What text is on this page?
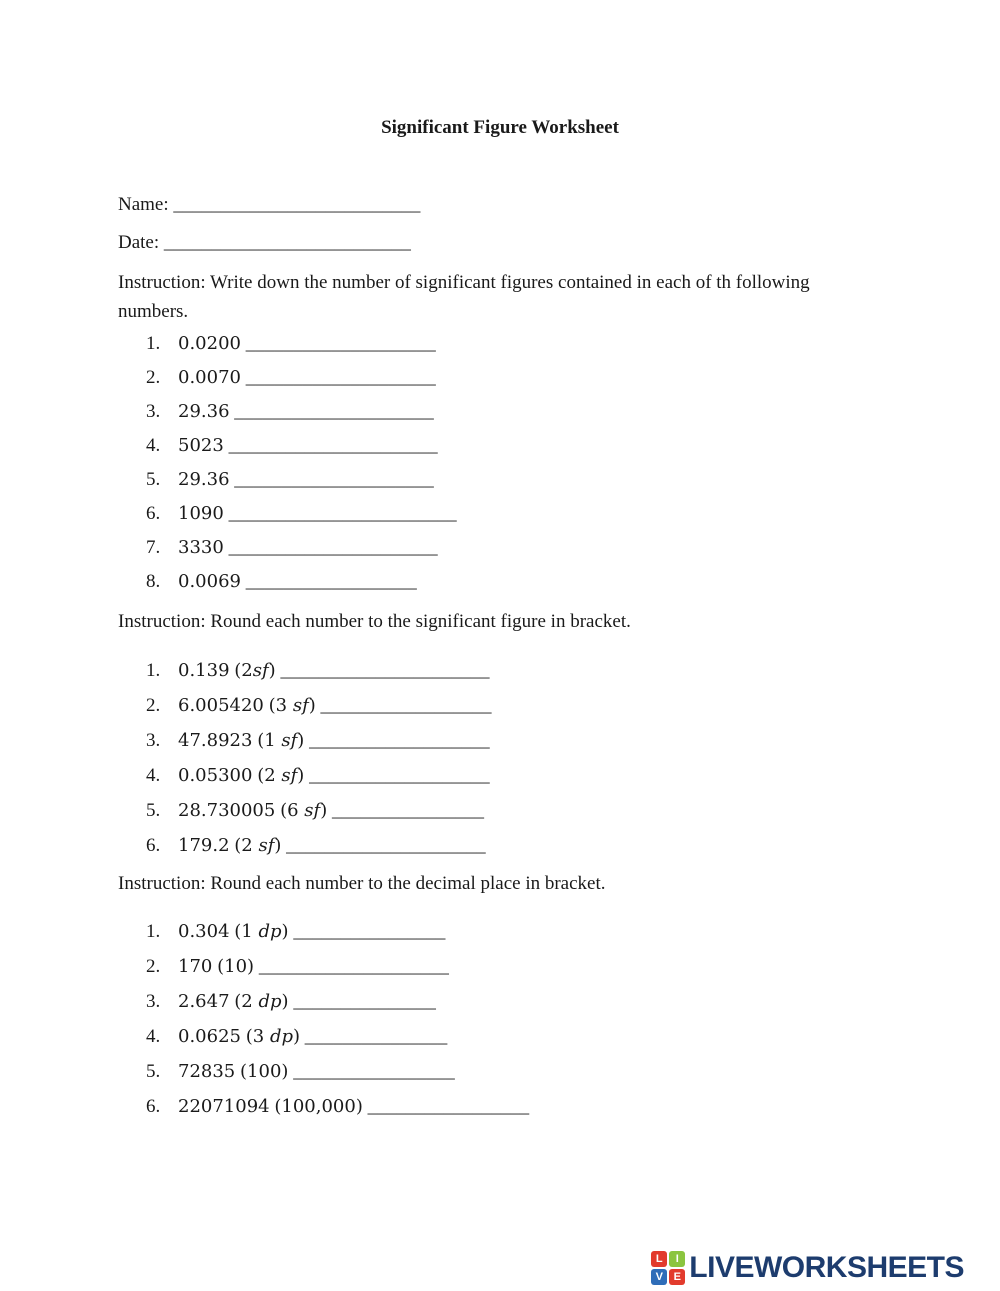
Significant Figure Worksheet
Name: __________________________
Date: __________________________

Instruction: Write down the number of significant figures contained in each of th following numbers.

1. 0.0200 ____________________
2. 0.0070 ____________________
3. 29.36 _____________________
4. 5023 ______________________
5. 29.36 _____________________
6. 1090 ________________________
7. 3330 ______________________
8. 0.0069 __________________

Instruction: Round each number to the significant figure in bracket.

1. 0.139 (2sf) ______________________
2. 6.005420 (3 sf) __________________
3. 47.8923 (1 sf) ___________________
4. 0.05300 (2 sf) ___________________
5. 28.730005 (6 sf) ________________
6. 179.2 (2 sf) _____________________

Instruction: Round each number to the decimal place in bracket.

1. 0.304 (1 dp) ________________
2. 170 (10) ____________________
3. 2.647 (2 dp) _______________
4. 0.0625 (3 dp) _______________
5. 72835 (100) _________________
6. 22071094 (100,000) _________________
L	I
V E LIVEWORKSHEETS
